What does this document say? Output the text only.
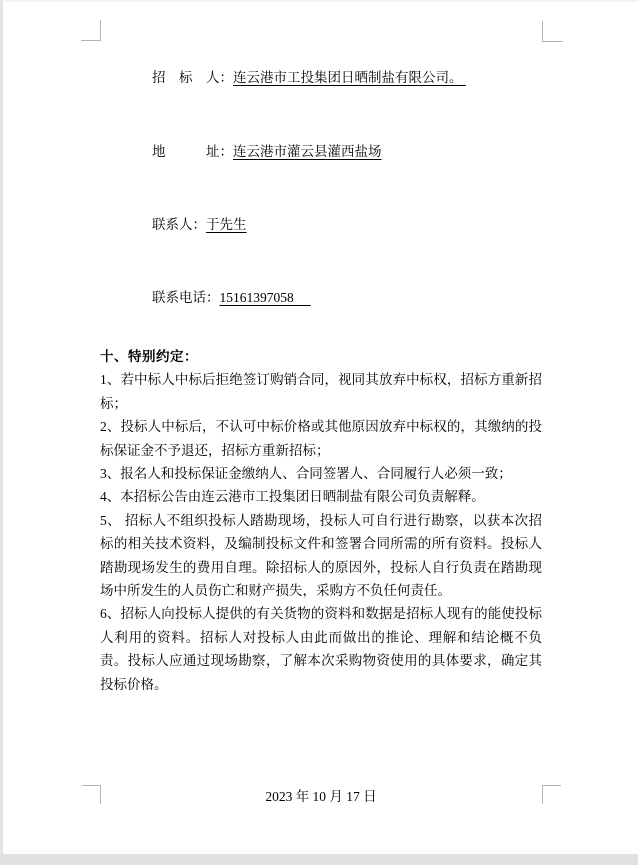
招　标　人：连云港市工投集团日晒制盐有限公司。

地　　　址：连云港市灌云县灌西盐场

联系人：于先生

联系电话：15161397058　

十、特别约定：

1、若中标人中标后拒绝签订购销合同，视同其放弃中标权，招标方重新招标；

2、投标人中标后，不认可中标价格或其他原因放弃中标权的，其缴纳的投标保证金不予退还，招标方重新招标；

3、报名人和投标保证金缴纳人、合同签署人、合同履行人必须一致；

4、本招标公告由连云港市工投集团日晒制盐有限公司负责解释。

5、 招标人不组织投标人踏勘现场，投标人可自行进行勘察，以获本次招标的相关技术资料，及编制投标文件和签署合同所需的所有资料。投标人踏勘现场发生的费用自理。除招标人的原因外，投标人自行负责在踏勘现场中所发生的人员伤亡和财产损失，采购方不负任何责任。

6、招标人向投标人提供的有关货物的资料和数据是招标人现有的能使投标人利用的资料。招标人对投标人由此而做出的推论、理解和结论概不负责。投标人应通过现场勘察，了解本次采购物资使用的具体要求，确定其投标价格。

2023 年 10 月 17 日
